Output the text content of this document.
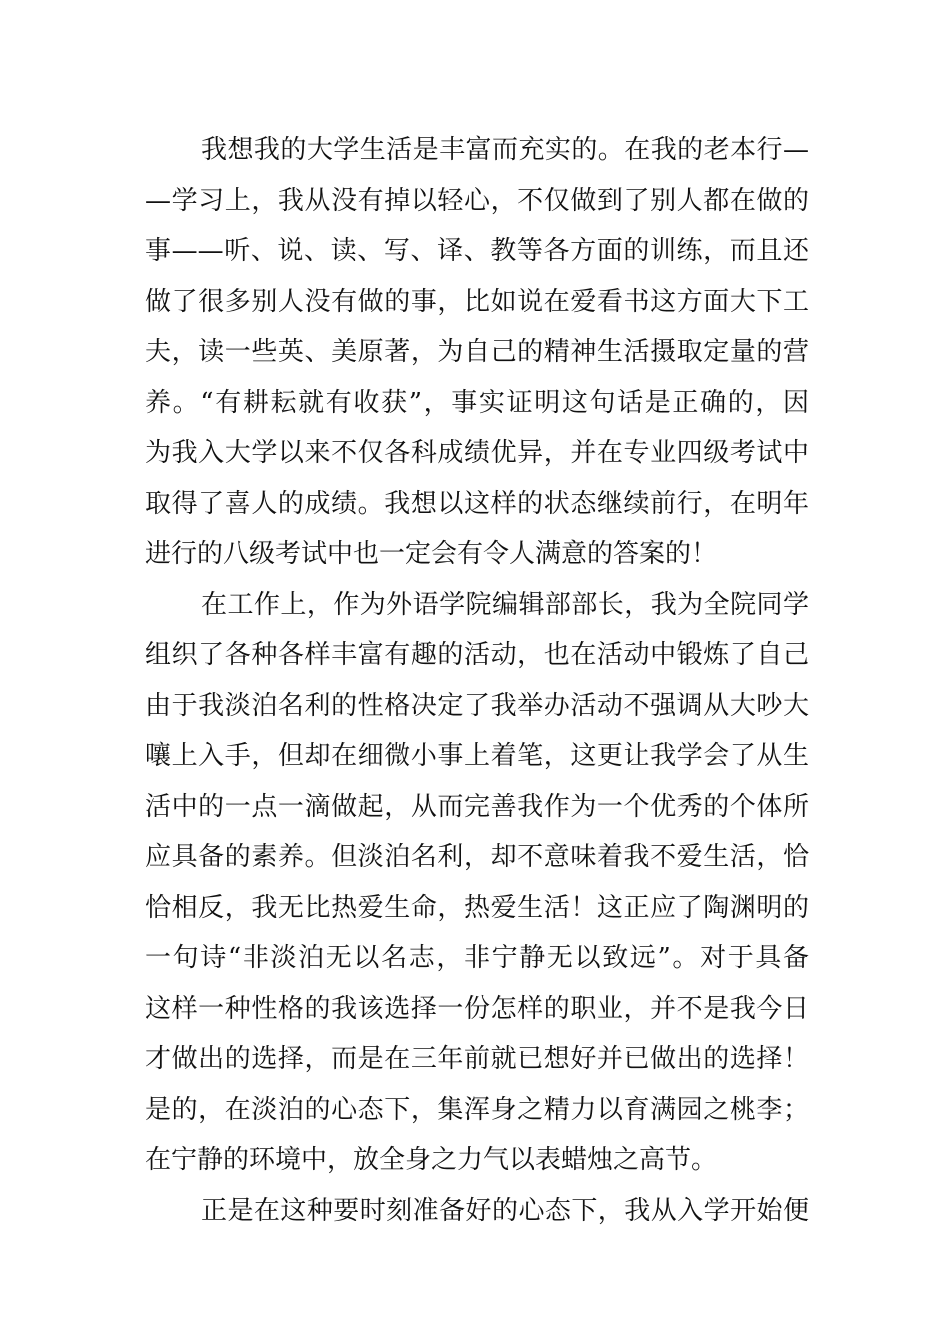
我想我的大学生活是丰富而充实的。在我的老本行—
—学习上，我从没有掉以轻心，不仅做到了别人都在做的
事——听、说、读、写、译、教等各方面的训练，而且还
做了很多别人没有做的事，比如说在爱看书这方面大下工
夫，读一些英、美原著，为自己的精神生活摄取定量的营
养。“有耕耘就有收获”，事实证明这句话是正确的，因
为我入大学以来不仅各科成绩优异，并在专业四级考试中
取得了喜人的成绩。我想以这样的状态继续前行，在明年
进行的八级考试中也一定会有令人满意的答案的！
在工作上，作为外语学院编辑部部长，我为全院同学
组织了各种各样丰富有趣的活动，也在活动中锻炼了自己
由于我淡泊名利的性格决定了我举办活动不强调从大吵大
嚷上入手，但却在细微小事上着笔，这更让我学会了从生
活中的一点一滴做起，从而完善我作为一个优秀的个体所
应具备的素养。但淡泊名利，却不意味着我不爱生活，恰
恰相反，我无比热爱生命，热爱生活！这正应了陶渊明的
一句诗“非淡泊无以名志，非宁静无以致远”。对于具备
这样一种性格的我该选择一份怎样的职业，并不是我今日
才做出的选择，而是在三年前就已想好并已做出的选择！
是的，在淡泊的心态下，集浑身之精力以育满园之桃李；
在宁静的环境中，放全身之力气以表蜡烛之高节。
正是在这种要时刻准备好的心态下，我从入学开始便
